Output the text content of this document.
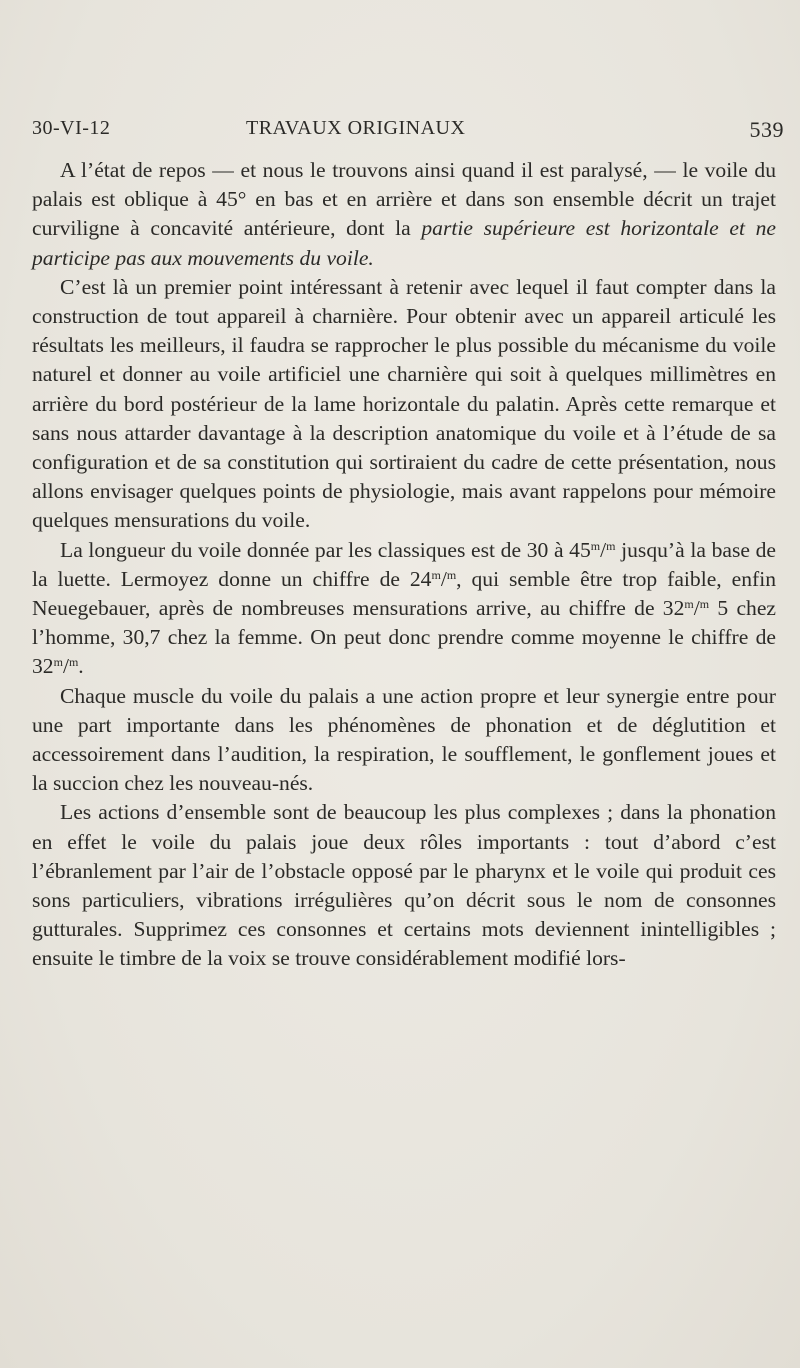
30-VI-12	TRAVAUX ORIGINAUX	539

A l’état de repos — et nous le trouvons ainsi quand il est paralysé, — le voile du palais est oblique à 45° en bas et en arrière et dans son ensemble décrit un trajet curviligne à concavité antérieure, dont la partie supérieure est horizontale et ne participe pas aux mouvements du voile.

C’est là un premier point intéressant à retenir avec lequel il faut compter dans la construction de tout appareil à charnière. Pour obtenir avec un appareil articulé les résultats les meilleurs, il faudra se rapprocher le plus possible du mécanisme du voile naturel et donner au voile artificiel une charnière qui soit à quelques millimètres en arrière du bord postérieur de la lame horizontale du palatin. Après cette remarque et sans nous attarder davantage à la description anatomique du voile et à l’étude de sa configuration et de sa constitution qui sortiraient du cadre de cette présentation, nous allons envisager quelques points de physiologie, mais avant rappelons pour mémoire quelques mensurations du voile.

La longueur du voile donnée par les classiques est de 30 à 45$^m$/$^m$ jusqu’à la base de la luette. Lermoyez donne un chiffre de 24$^m$/$^m$, qui semble être trop faible, enfin Neuegebauer, après de nombreuses mensurations arrive, au chiffre de 32$^m$/$^m$ 5 chez l’homme, 30,7 chez la femme. On peut donc prendre comme moyenne le chiffre de 32$^m$/$^m$.

Chaque muscle du voile du palais a une action propre et leur synergie entre pour une part importante dans les phénomènes de phonation et de déglutition et accessoirement dans l’audition, la respiration, le soufflement, le gonflement joues et la succion chez les nouveau-nés.

Les actions d’ensemble sont de beaucoup les plus complexes ; dans la phonation en effet le voile du palais joue deux rôles importants : tout d’abord c’est l’ébranlement par l’air de l’obstacle opposé par le pharynx et le voile qui produit ces sons particuliers, vibrations irrégulières qu’on décrit sous le nom de consonnes gutturales. Supprimez ces consonnes et certains mots deviennent inintelligibles ; ensuite le timbre de la voix se trouve considérablement modifié lors-
